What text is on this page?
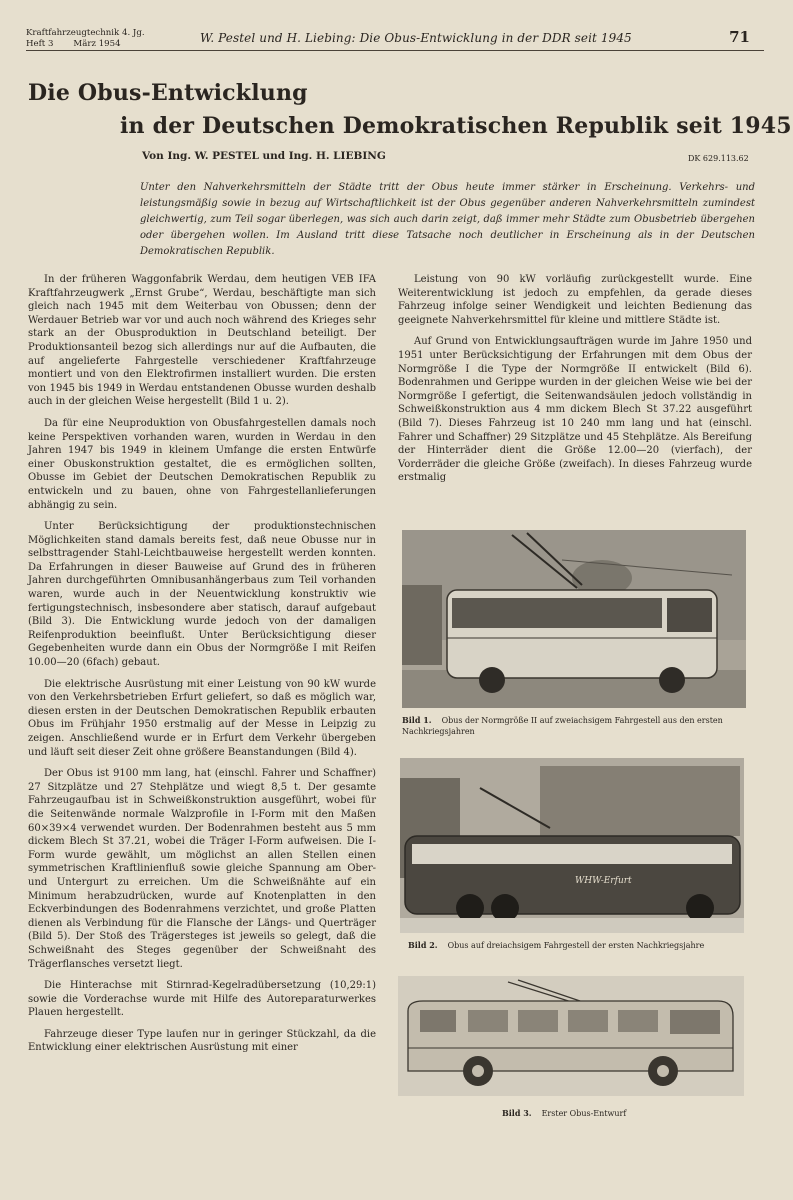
Kraftfahrzeugtechnik 4. Jg.
Heft 3 März 1954	W. Pestel und H. Liebing: Die Obus-Entwicklung in der DDR seit 1945	71
Die Obus-Entwicklung
in der Deutschen Demokratischen Republik seit 1945
Von Ing. W. PESTEL und Ing. H. LIEBING	DK 629.113.62

Unter den Nahverkehrsmitteln der Städte tritt der Obus heute immer stärker in Erscheinung. Verkehrs- und leistungsmäßig sowie in bezug auf Wirtschaftlichkeit ist der Obus gegenüber anderen Nahverkehrsmitteln zumindest gleichwertig, zum Teil sogar überlegen, was sich auch darin zeigt, daß immer mehr Städte zum Obusbetrieb übergehen oder übergehen wollen. Im Ausland tritt diese Tatsache noch deutlicher in Erscheinung als in der Deutschen Demokratischen Republik.

In der früheren Waggonfabrik Werdau, dem heutigen VEB IFA Kraftfahrzeugwerk „Ernst Grube“, Werdau, beschäftigte man sich gleich nach 1945 mit dem Weiterbau von Obussen; denn der Werdauer Betrieb war vor und auch noch während des Krieges sehr stark an der Obusproduktion in Deutschland beteiligt. Der Produktionsanteil bezog sich allerdings nur auf die Aufbauten, die auf angelieferte Fahrgestelle verschiedener Kraftfahrzeuge montiert und von den Elektrofirmen installiert wurden. Die ersten von 1945 bis 1949 in Werdau entstandenen Obusse wurden deshalb auch in der gleichen Weise hergestellt (Bild 1 u. 2).

Da für eine Neuproduktion von Obusfahrgestellen damals noch keine Perspektiven vorhanden waren, wurden in Werdau in den Jahren 1947 bis 1949 in kleinem Umfange die ersten Entwürfe einer Obuskonstruktion gestaltet, die es ermöglichen sollten, Obusse im Gebiet der Deutschen Demokratischen Republik zu entwickeln und zu bauen, ohne von Fahrgestellanlieferungen abhängig zu sein.

Unter Berücksichtigung der produktionstechnischen Möglichkeiten stand damals bereits fest, daß neue Obusse nur in selbsttragender Stahl-Leichtbauweise hergestellt werden konnten. Da Erfahrungen in dieser Bauweise auf Grund des in früheren Jahren durchgeführten Omnibusanhängerbaus zum Teil vorhanden waren, wurde auch in der Neuentwicklung konstruktiv wie fertigungstechnisch, insbesondere aber statisch, darauf aufgebaut (Bild 3). Die Entwicklung wurde jedoch von der damaligen Reifenproduktion beeinflußt. Unter Berücksichtigung dieser Gegebenheiten wurde dann ein Obus der Normgröße I mit Reifen 10.00—20 (6fach) gebaut.

Die elektrische Ausrüstung mit einer Leistung von 90 kW wurde von den Verkehrsbetrieben Erfurt geliefert, so daß es möglich war, diesen ersten in der Deutschen Demokratischen Republik erbauten Obus im Frühjahr 1950 erstmalig auf der Messe in Leipzig zu zeigen. Anschließend wurde er in Erfurt dem Verkehr übergeben und läuft seit dieser Zeit ohne größere Beanstandungen (Bild 4).

Der Obus ist 9100 mm lang, hat (einschl. Fahrer und Schaffner) 27 Sitzplätze und 27 Stehplätze und wiegt 8,5 t. Der gesamte Fahrzeugaufbau ist in Schweißkonstruktion ausgeführt, wobei für die Seitenwände normale Walzprofile in I-Form mit den Maßen 60×39×4 verwendet wurden. Der Bodenrahmen besteht aus 5 mm dickem Blech St 37.21, wobei die Träger I-Form aufweisen. Die I-Form wurde gewählt, um möglichst an allen Stellen einen symmetrischen Kraftlinienfluß sowie gleiche Spannung am Ober- und Untergurt zu erreichen. Um die Schweißnähte auf ein Minimum herabzudrücken, wurde auf Knotenplatten in den Eckverbindungen des Bodenrahmens verzichtet, und große Platten dienen als Verbindung für die Flansche der Längs- und Querträger (Bild 5). Der Stoß des Trägersteges ist jeweils so gelegt, daß die Schweißnaht des Steges gegenüber der Schweißnaht des Trägerflansches versetzt liegt.

Die Hinterachse mit Stirnrad-Kegelradübersetzung (10,29:1) sowie die Vorderachse wurde mit Hilfe des Autoreparaturwerkes Plauen hergestellt.

Fahrzeuge dieser Type laufen nur in geringer Stückzahl, da die Entwicklung einer elektrischen Ausrüstung mit einer

Leistung von 90 kW vorläufig zurückgestellt wurde. Eine Weiterentwicklung ist jedoch zu empfehlen, da gerade dieses Fahrzeug infolge seiner Wendigkeit und leichten Bedienung das geeignete Nahverkehrsmittel für kleine und mittlere Städte ist.

Auf Grund von Entwicklungsaufträgen wurde im Jahre 1950 und 1951 unter Berücksichtigung der Erfahrungen mit dem Obus der Normgröße I die Type der Normgröße II entwickelt (Bild 6). Bodenrahmen und Gerippe wurden in der gleichen Weise wie bei der Normgröße I gefertigt, die Seitenwandsäulen jedoch vollständig in Schweißkonstruktion aus 4 mm dickem Blech St 37.22 ausgeführt (Bild 7). Dieses Fahrzeug ist 10 240 mm lang und hat (einschl. Fahrer und Schaffner) 29 Sitzplätze und 45 Stehplätze. Als Bereifung der Hinterräder dient die Größe 12.00—20 (vierfach), der Vorderräder die gleiche Größe (zweifach). In dieses Fahrzeug wurde erstmalig

Bild 1. Obus der Normgröße II auf zweiachsigem Fahrgestell aus den ersten Nachkriegsjahren
WHW-Erfurt
Bild 2. Obus auf dreiachsigem Fahrgestell der ersten Nachkriegsjahre
Bild 3. Erster Obus-Entwurf
